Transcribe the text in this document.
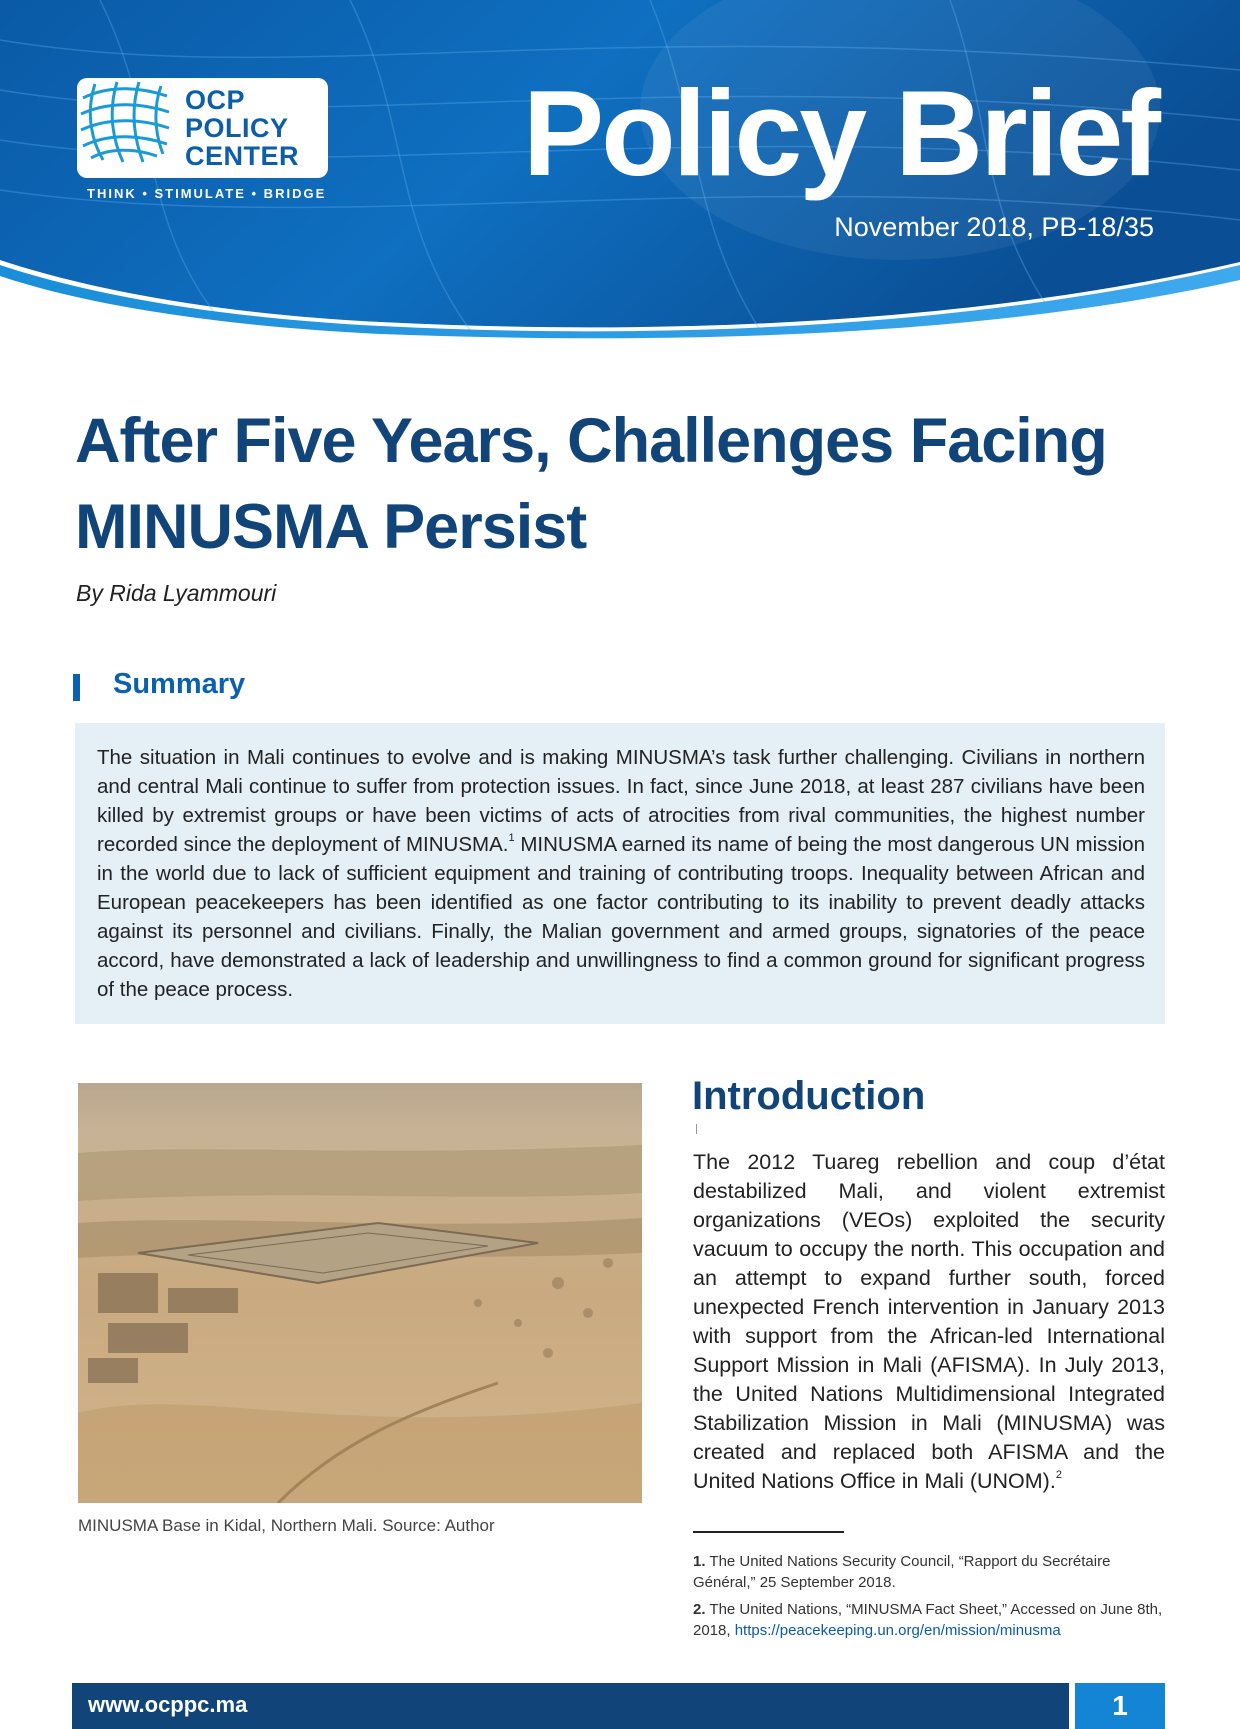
OCP
POLICY
CENTER
THINK • STIMULATE • BRIDGE Policy Brief
November 2018, PB-18/35
After Five Years, Challenges Facing MINUSMA Persist
By Rida Lyammouri
Summary

The situation in Mali continues to evolve and is making MINUSMA’s task further challenging. Civilians in northern and central Mali continue to suffer from protection issues. In fact, since June 2018, at least 287 civilians have been killed by extremist groups or have been victims of acts of atrocities from rival communities, the highest number recorded since the deployment of MINUSMA.$^1$ MINUSMA earned its name of being the most dangerous UN mission in the world due to lack of sufficient equipment and training of contributing troops. Inequality between African and European peacekeepers has been identified as one factor contributing to its inability to prevent deadly attacks against its personnel and civilians. Finally, the Malian government and armed groups, signatories of the peace accord, have demonstrated a lack of leadership and unwillingness to find a common ground for significant progress of the peace process.

MINUSMA Base in Kidal, Northern Mali. Source: Author
Introduction

The 2012 Tuareg rebellion and coup d’état destabilized Mali, and violent extremist organizations (VEOs) exploited the security vacuum to occupy the north. This occupation and an attempt to expand further south, forced unexpected French intervention in January 2013 with support from the African-led International Support Mission in Mali (AFISMA). In July 2013, the United Nations Multidimensional Integrated Stabilization Mission in Mali (MINUSMA) was created and replaced both AFISMA and the United Nations Office in Mali (UNOM).$^2$

1. The United Nations Security Council, “Rapport du Secrétaire Général,” 25 September 2018.

2. The United Nations, “MINUSMA Fact Sheet,” Accessed on June 8th, 2018, https://peacekeeping.un.org/en/mission/minusma

www.ocppc.ma	1
